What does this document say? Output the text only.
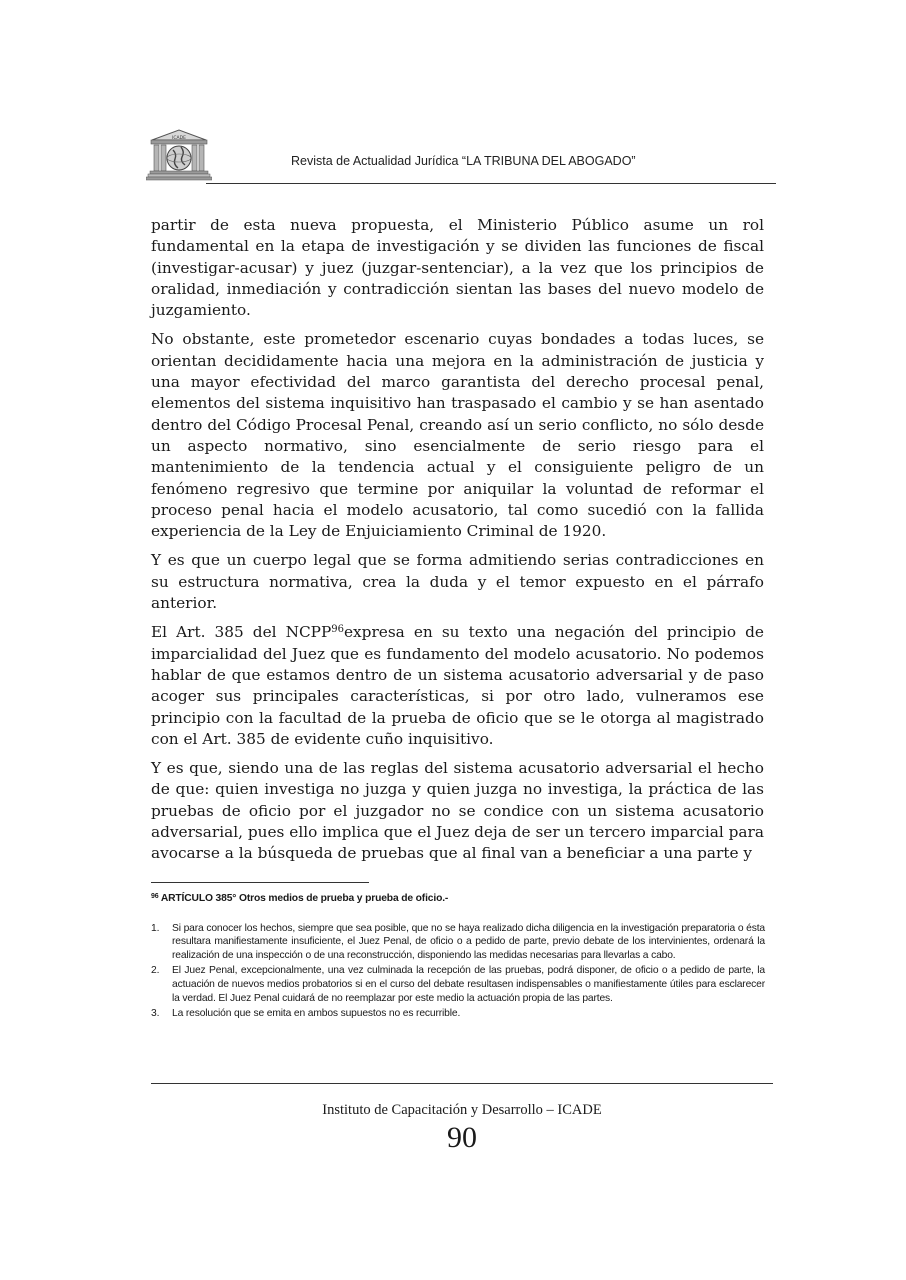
ICADE
Revista de Actualidad Jurídica “LA TRIBUNA DEL ABOGADO”

partir de esta nueva propuesta, el Ministerio Público asume un rol fundamental en la etapa de investigación y se dividen las funciones de fiscal (investigar-acusar) y juez (juzgar-sentenciar), a la vez que los principios de oralidad, inmediación y contradicción sientan las bases del nuevo modelo de juzgamiento.

No obstante, este prometedor escenario cuyas bondades a todas luces, se orientan decididamente hacia una mejora en la administración de justicia y una mayor efectividad del marco garantista del derecho procesal penal, elementos del sistema inquisitivo han traspasado el cambio y se han asentado dentro del Código Procesal Penal, creando así un serio conflicto, no sólo desde un aspecto normativo, sino esencialmente de serio riesgo para el mantenimiento de la tendencia actual y el consiguiente peligro de un fenómeno regresivo que termine por aniquilar la voluntad de reformar el proceso penal hacia el modelo acusatorio, tal como sucedió con la fallida experiencia de la Ley de Enjuiciamiento Criminal de 1920.

Y es que un cuerpo legal que se forma admitiendo serias contradicciones en su estructura normativa, crea la duda y el temor expuesto en el párrafo anterior.

El Art. 385 del NCPP$^{96}$expresa en su texto una negación del principio de imparcialidad del Juez que es fundamento del modelo acusatorio. No podemos hablar de que estamos dentro de un sistema acusatorio adversarial y de paso acoger sus principales características, si por otro lado, vulneramos ese principio con la facultad de la prueba de oficio que se le otorga al magistrado con el Art. 385 de evidente cuño inquisitivo.

Y es que, siendo una de las reglas del sistema acusatorio adversarial el hecho de que: quien investiga no juzga y quien juzga no investiga, la práctica de las pruebas de oficio por el juzgador no se condice con un sistema acusatorio adversarial, pues ello implica que el Juez deja de ser un tercero imparcial para avocarse a la búsqueda de pruebas que al final van a beneficiar a una parte y

$^{96}$ ARTÍCULO 385° Otros medios de prueba y prueba de oficio.-
1. Si para conocer los hechos, siempre que sea posible, que no se haya realizado dicha diligencia en la investigación preparatoria o ésta resultara manifiestamente insuficiente, el Juez Penal, de oficio o a pedido de parte, previo debate de los intervinientes, ordenará la realización de una inspección o de una reconstrucción, disponiendo las medidas necesarias para llevarlas a cabo.
2. El Juez Penal, excepcionalmente, una vez culminada la recepción de las pruebas, podrá disponer, de oficio o a pedido de parte, la actuación de nuevos medios probatorios si en el curso del debate resultasen indispensables o manifiestamente útiles para esclarecer la verdad. El Juez Penal cuidará de no reemplazar por este medio la actuación propia de las partes.
3. La resolución que se emita en ambos supuestos no es recurrible.
Instituto de Capacitación y Desarrollo – ICADE
90
